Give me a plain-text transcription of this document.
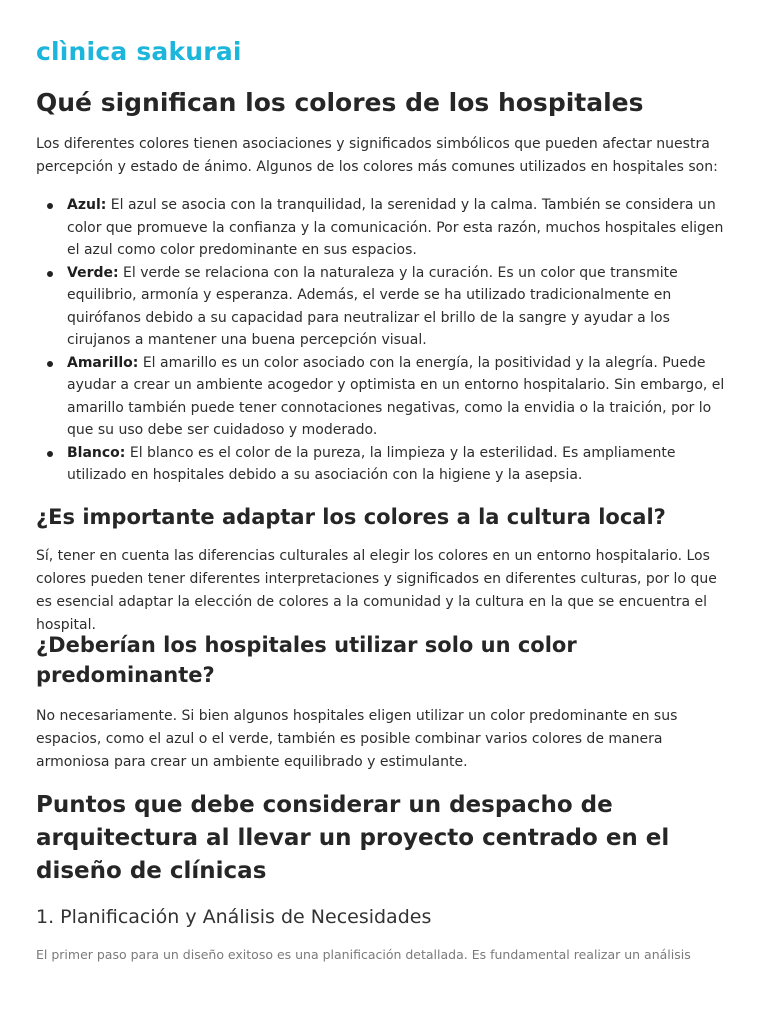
clìnica sakurai
Qué significan los colores de los hospitales

Los diferentes colores tienen asociaciones y significados simbólicos que pueden afectar nuestra percepción y estado de ánimo. Algunos de los colores más comunes utilizados en hospitales son:

Azul: El azul se asocia con la tranquilidad, la serenidad y la calma. También se considera un color que promueve la confianza y la comunicación. Por esta razón, muchos hospitales eligen el azul como color predominante en sus espacios.
Verde: El verde se relaciona con la naturaleza y la curación. Es un color que transmite equilibrio, armonía y esperanza. Además, el verde se ha utilizado tradicionalmente en quirófanos debido a su capacidad para neutralizar el brillo de la sangre y ayudar a los cirujanos a mantener una buena percepción visual.
Amarillo: El amarillo es un color asociado con la energía, la positividad y la alegría. Puede ayudar a crear un ambiente acogedor y optimista en un entorno hospitalario. Sin embargo, el amarillo también puede tener connotaciones negativas, como la envidia o la traición, por lo que su uso debe ser cuidadoso y moderado.
Blanco: El blanco es el color de la pureza, la limpieza y la esterilidad. Es ampliamente utilizado en hospitales debido a su asociación con la higiene y la asepsia.
¿Es importante adaptar los colores a la cultura local?

Sí, tener en cuenta las diferencias culturales al elegir los colores en un entorno hospitalario. Los colores pueden tener diferentes interpretaciones y significados en diferentes culturas, por lo que es esencial adaptar la elección de colores a la comunidad y la cultura en la que se encuentra el hospital.

¿Deberían los hospitales utilizar solo un color predominante?

No necesariamente. Si bien algunos hospitales eligen utilizar un color predominante en sus espacios, como el azul o el verde, también es posible combinar varios colores de manera armoniosa para crear un ambiente equilibrado y estimulante.

Puntos que debe considerar un despacho de arquitectura al llevar un proyecto centrado en el diseño de clínicas
1. Planificación y Análisis de Necesidades

El primer paso para un diseño exitoso es una planificación detallada. Es fundamental realizar un análisis
